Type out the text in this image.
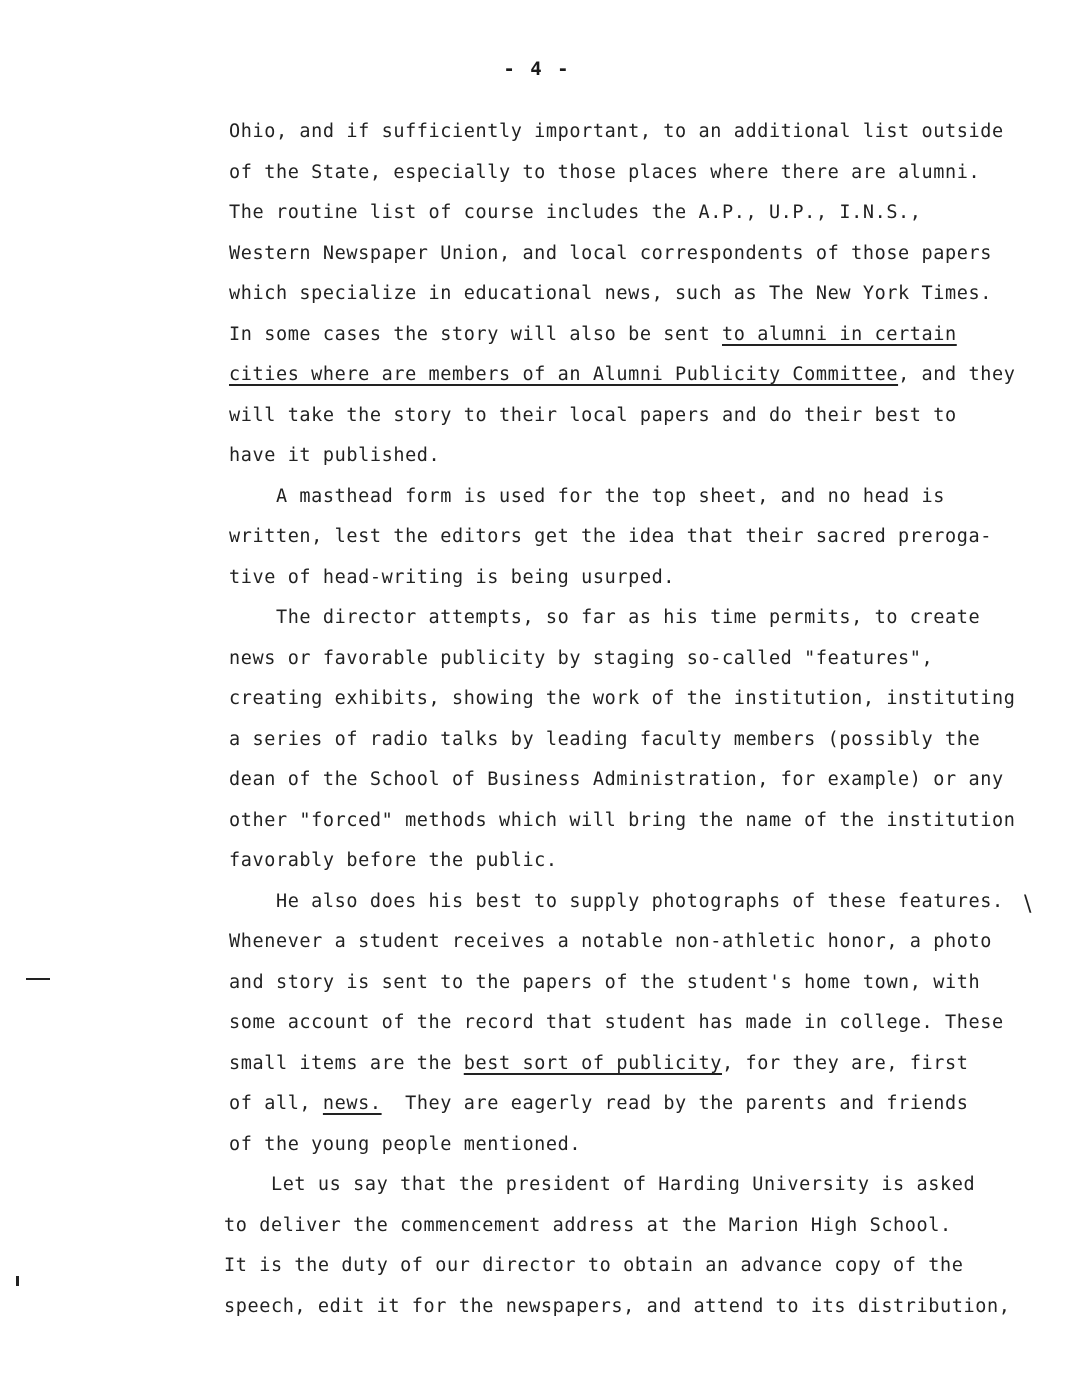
- 4 -
Ohio, and if sufficiently important, to an additional list outside
of the State, especially to those places where there are alumni.
The routine list of course includes the A.P., U.P., I.N.S.,
Western Newspaper Union, and local correspondents of those papers
which specialize in educational news, such as The New York Times.
In some cases the story will also be sent to alumni in certain
cities where are members of an Alumni Publicity Committee, and they
will take the story to their local papers and do their best to
have it published.
A masthead form is used for the top sheet, and no head is
written, lest the editors get the idea that their sacred preroga-
tive of head-writing is being usurped.
The director attempts, so far as his time permits, to create
news or favorable publicity by staging so-called "features",
creating exhibits, showing the work of the institution, instituting
a series of radio talks by leading faculty members (possibly the
dean of the School of Business Administration, for example) or any
other "forced" methods which will bring the name of the institution
favorably before the public.
He also does his best to supply photographs of these features.
Whenever a student receives a notable non-athletic honor, a photo
and story is sent to the papers of the student's home town, with
some account of the record that student has made in college. These
small items are the best sort of publicity, for they are, first
of all, news.  They are eagerly read by the parents and friends
of the young people mentioned.
Let us say that the president of Harding University is asked
to deliver the commencement address at the Marion High School.
It is the duty of our director to obtain an advance copy of the
speech, edit it for the newspapers, and attend to its distribution,
\
